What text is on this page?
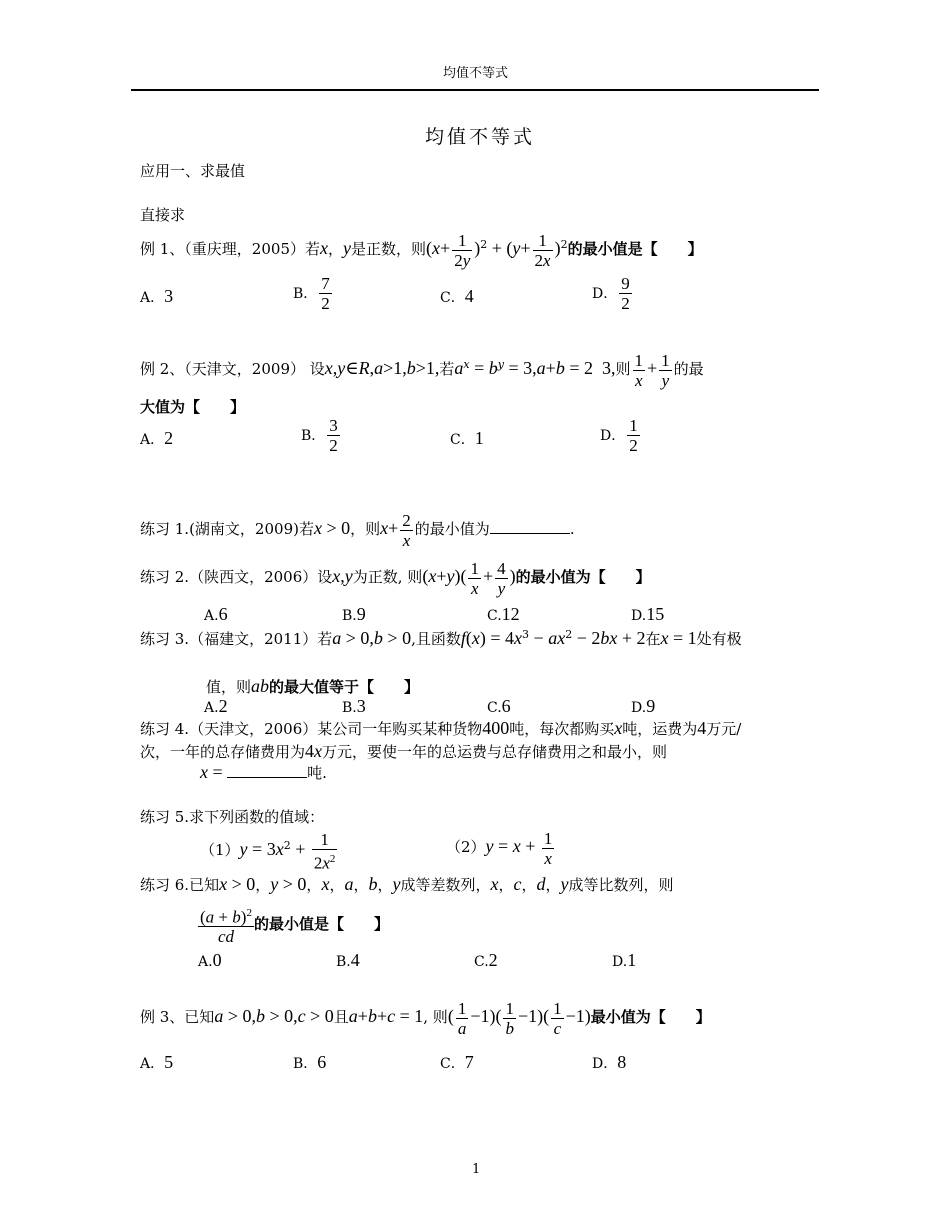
均值不等式
均值不等式
应用一、求最值
直接求
例 1、（重庆理，2005）若x，y是正数，则$(x+ \frac{1}{2y} )^2 + (y+ \frac{1}{2x} )^2$的最小值是【　　】
A．3	B． $\frac{7}{2}$	C．4	D． $\frac{9}{2}$
例 2、（天津文，2009） 设x,y∈R,a>1,b>1,若$a^x = b^y = 3,a+b = 2$  3,则 $\frac{1}{x} + \frac{1}{y}$ 的最
大值为【　　】
A．2	B． $\frac{3}{2}$	C．1	D． $\frac{1}{2}$
练习 1.(湖南文，2009)若x > 0，则$x+ \frac{2}{x}$ 的最小值为	.
练习 2.（陕西文，2006）设x,y为正数, 则$(x+y)( \frac{1}{x} + \frac{4}{y}$ )的最小值为【　　】
A.6	B.9	C.12	D.15
练习 3.（福建文，2011）若a > 0,b > 0,且函数$f(x) = 4x^3 - ax^2 - 2bx + 2$在x = 1处有极
值，则ab的最大值等于【　　】
A.2	B.3	C.6	D.9
练习 4.（天津文，2006）某公司一年购买某种货物400吨，每次都购买x吨，运费为4万元/
次，一年的总存储费用为4x万元，要使一年的总运费与总存储费用之和最小，则
x =	吨.
练习 5.求下列函数的值域：
$(1)y = 3x^2 + \frac{1}{2x^2}$	$(2)y = x + \frac{1}{x}$
练习 6.已知x > 0，y > 0，x，a，b，y成等差数列，x，c，d，y成等比数列，则
$\frac{(a + b)^2}{cd}$ 的最小值是【　　】
A.0	B.4	C.2	D.1
例 3、已知a > 0,b > 0,c > 0且a+b+c = 1, 则( $\frac{1}{a} -1)( \frac{1}{b} -1)( \frac{1}{c} -1)$最小值为【　　】
A．5	B．6	C．7	D．8
1
